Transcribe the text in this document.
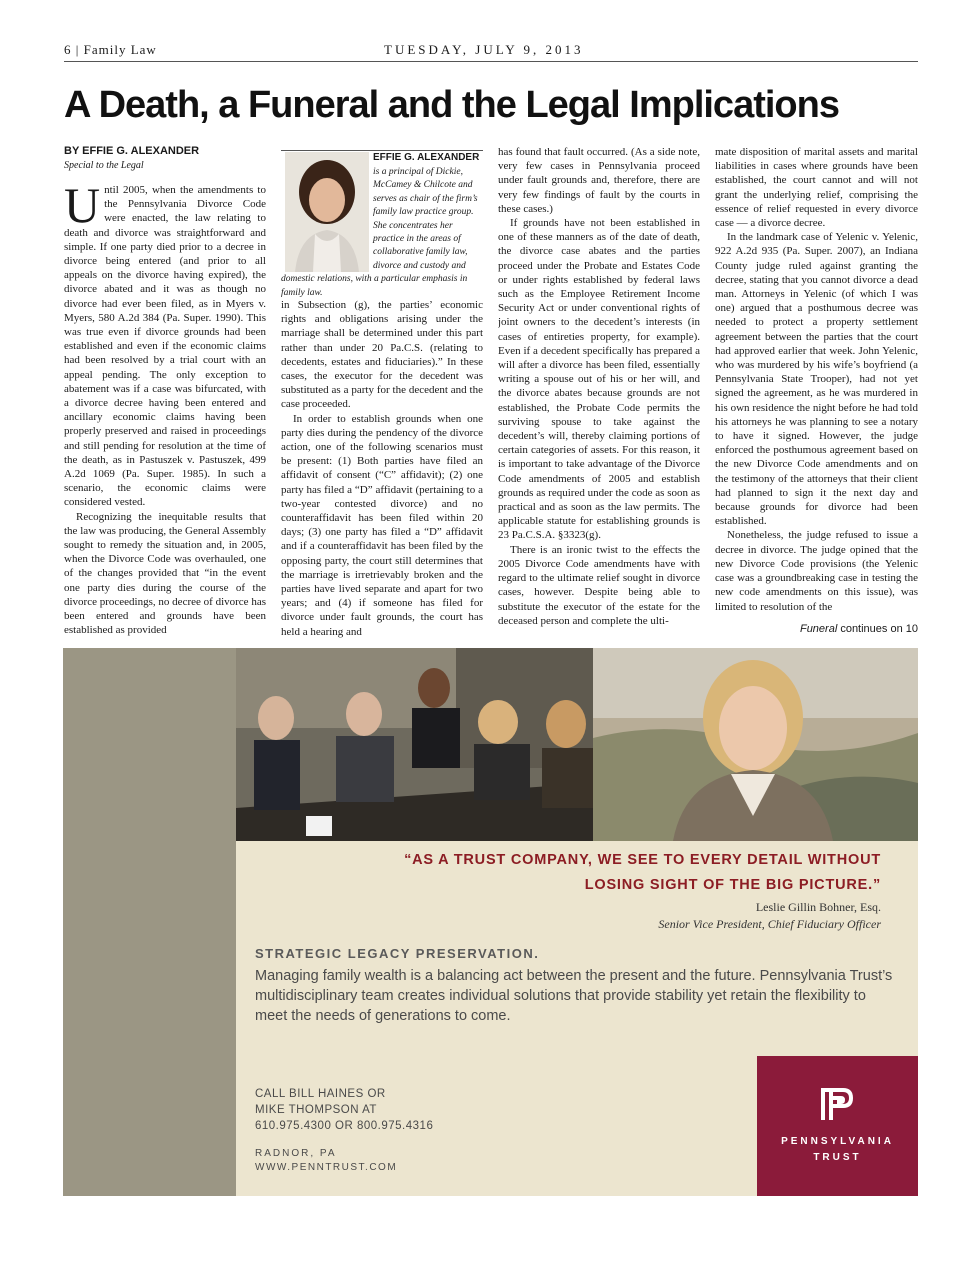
6 | Family Law	TUESDAY, JULY 9, 2013
A Death, a Funeral and the Legal Implications
BY EFFIE G. ALEXANDER
Special to the Legal

Until 2005, when the amendments to the Pennsylvania Divorce Code were enacted, the law relating to death and divorce was straightforward and simple. If one party died prior to a decree in divorce being entered (and prior to all appeals on the divorce having expired), the divorce abated and it was as though no divorce had ever been filed, as in Myers v. Myers, 580 A.2d 384 (Pa. Super. 1990). This was true even if divorce grounds had been established and even if the economic claims had been resolved by a trial court with an appeal pending. The only exception to abatement was if a case was bifurcated, with a divorce decree having been entered and ancillary economic claims having been properly preserved and raised in proceedings and still pending for resolution at the time of the death, as in Pastuszek v. Pastuszek, 499 A.2d 1069 (Pa. Super. 1985). In such a scenario, the economic claims were considered vested.

Recognizing the inequitable results that the law was producing, the General Assembly sought to remedy the situation and, in 2005, when the Divorce Code was overhauled, one of the changes provided that “in the event one party dies during the course of the divorce proceedings, no decree of divorce has been entered and grounds have been established as provided

EFFIE G. ALEXANDER
is a principal of Dickie, McCamey & Chilcote and serves as chair of the firm’s family law practice group. She concentrates her practice in the areas of collaborative family law, divorce and custody and domestic relations, with a particular emphasis in family law.

in Subsection (g), the parties’ economic rights and obligations arising under the marriage shall be determined under this part rather than under 20 Pa.C.S. (relating to decedents, estates and fiduciaries).” In these cases, the executor for the decedent was substituted as a party for the decedent and the case proceeded.

In order to establish grounds when one party dies during the pendency of the divorce action, one of the following scenarios must be present: (1) Both parties have filed an affidavit of consent (“C” affidavit); (2) one party has filed a “D” affidavit (pertaining to a two-year contested divorce) and no counteraffidavit has been filed within 20 days; (3) one party has filed a “D” affidavit and if a counteraffidavit has been filed by the opposing party, the court still determines that the marriage is irretrievably broken and the parties have lived separate and apart for two years; and (4) if someone has filed for divorce under fault grounds, the court has held a hearing and

has found that fault occurred. (As a side note, very few cases in Pennsylvania proceed under fault grounds and, therefore, there are very few findings of fault by the courts in these cases.)

If grounds have not been established in one of these manners as of the date of death, the divorce case abates and the parties proceed under the Probate and Estates Code or under rights established by federal laws such as the Employee Retirement Income Security Act or under conventional rights of joint owners to the decedent’s interests (in cases of entireties property, for example). Even if a decedent specifically has prepared a will after a divorce has been filed, essentially writing a spouse out of his or her will, and the divorce abates because grounds are not established, the Probate Code permits the surviving spouse to take against the decedent’s will, thereby claiming portions of certain categories of assets. For this reason, it is important to take advantage of the Divorce Code amendments of 2005 and establish grounds as required under the code as soon as practical and as soon as the law permits. The applicable statute for establishing grounds is 23 Pa.C.S.A. §3323(g).

There is an ironic twist to the effects the 2005 Divorce Code amendments have with regard to the ultimate relief sought in divorce cases, however. Despite being able to substitute the executor of the estate for the deceased person and complete the ulti-

mate disposition of marital assets and marital liabilities in cases where grounds have been established, the court cannot and will not grant the underlying relief, comprising the essence of relief requested in every divorce case — a divorce decree.

In the landmark case of Yelenic v. Yelenic, 922 A.2d 935 (Pa. Super. 2007), an Indiana County judge ruled against granting the decree, stating that you cannot divorce a dead man. Attorneys in Yelenic (of which I was one) argued that a posthumous decree was needed to protect a property settlement agreement between the parties that the court had approved earlier that week. John Yelenic, who was murdered by his wife’s boyfriend (a Pennsylvania State Trooper), had not yet signed the agreement, as he was murdered in his own residence the night before he had told his attorneys he was planning to see a notary to have it signed. However, the judge enforced the posthumous agreement based on the new Divorce Code amendments and on the testimony of the attorneys that their client had planned to sign it the next day and because grounds for divorce had been established.

Nonetheless, the judge refused to issue a decree in divorce. The judge opined that the new Divorce Code provisions (the Yelenic case was a groundbreaking case in testing the new code amendments on this issue), was limited to resolution of the

Funeral continues on 10
“AS A TRUST COMPANY, WE SEE TO EVERY DETAIL WITHOUT
LOSING SIGHT OF THE BIG PICTURE.”
Leslie Gillin Bohner, Esq.
Senior Vice President, Chief Fiduciary Officer
STRATEGIC LEGACY PRESERVATION.
Managing family wealth is a balancing act between the present and the future. Pennsylvania Trust’s multidisciplinary team creates individual solutions that provide stability yet retain the flexibility to meet the needs of generations to come.
CALL BILL HAINES OR
MIKE THOMPSON AT
610.975.4300 OR 800.975.4316
RADNOR, PA
WWW.PENNTRUST.COM
PENNSYLVANIA
TRUST
